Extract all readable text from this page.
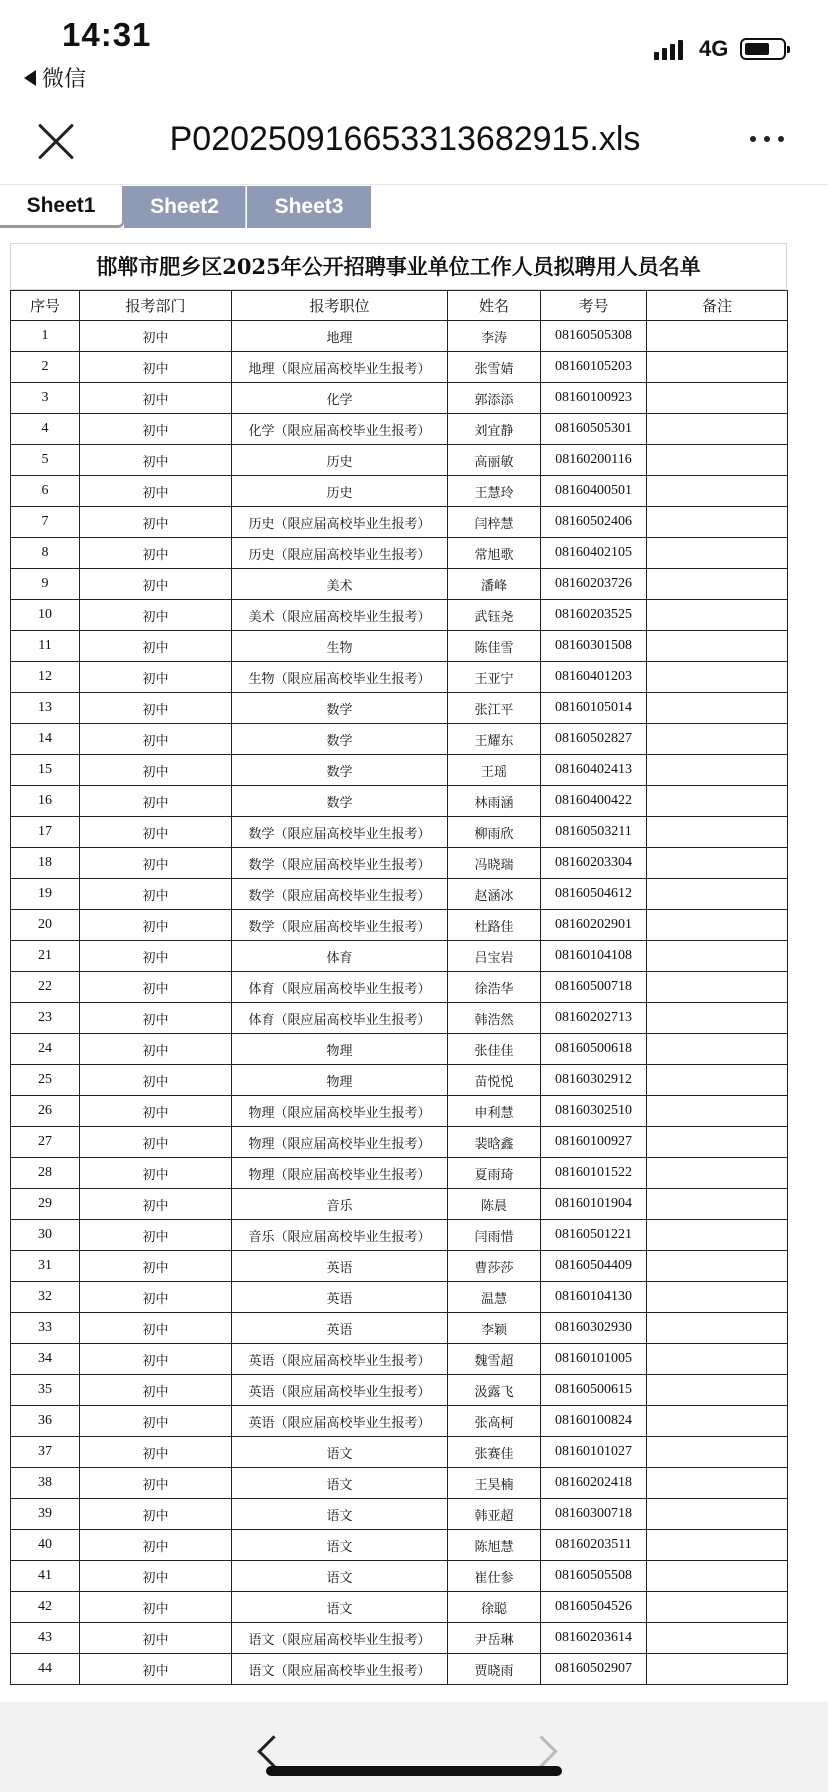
14:31
微信
4G
P020250916653313682915.xls
Sheet1	Sheet2	Sheet3
邯郸市肥乡区2025年公开招聘事业单位工作人员拟聘用人员名单
序号	报考部门	报考职位	姓名	考号	备注
1	初中	地理	李涛	08160505308	
2	初中	地理（限应届高校毕业生报考）	张雪婧	08160105203	
3	初中	化学	郭添添	08160100923	
4	初中	化学（限应届高校毕业生报考）	刘宜静	08160505301	
5	初中	历史	高丽敏	08160200116	
6	初中	历史	王慧玲	08160400501	
7	初中	历史（限应届高校毕业生报考）	闫梓慧	08160502406	
8	初中	历史（限应届高校毕业生报考）	常旭歌	08160402105	
9	初中	美术	潘峰	08160203726	
10	初中	美术（限应届高校毕业生报考）	武钰尧	08160203525	
11	初中	生物	陈佳雪	08160301508	
12	初中	生物（限应届高校毕业生报考）	王亚宁	08160401203	
13	初中	数学	张江平	08160105014	
14	初中	数学	王耀东	08160502827	
15	初中	数学	王瑶	08160402413	
16	初中	数学	林雨涵	08160400422	
17	初中	数学（限应届高校毕业生报考）	柳雨欣	08160503211	
18	初中	数学（限应届高校毕业生报考）	冯晓瑞	08160203304	
19	初中	数学（限应届高校毕业生报考）	赵涵冰	08160504612	
20	初中	数学（限应届高校毕业生报考）	杜路佳	08160202901	
21	初中	体育	吕宝岩	08160104108	
22	初中	体育（限应届高校毕业生报考）	徐浩华	08160500718	
23	初中	体育（限应届高校毕业生报考）	韩浩然	08160202713	
24	初中	物理	张佳佳	08160500618	
25	初中	物理	苗悦悦	08160302912	
26	初中	物理（限应届高校毕业生报考）	申利慧	08160302510	
27	初中	物理（限应届高校毕业生报考）	裴晗鑫	08160100927	
28	初中	物理（限应届高校毕业生报考）	夏雨琦	08160101522	
29	初中	音乐	陈晨	08160101904	
30	初中	音乐（限应届高校毕业生报考）	闫雨惜	08160501221	
31	初中	英语	曹莎莎	08160504409	
32	初中	英语	温慧	08160104130	
33	初中	英语	李颖	08160302930	
34	初中	英语（限应届高校毕业生报考）	魏雪超	08160101005	
35	初中	英语（限应届高校毕业生报考）	汲露飞	08160500615	
36	初中	英语（限应届高校毕业生报考）	张高柯	08160100824	
37	初中	语文	张赛佳	08160101027	
38	初中	语文	王昊楠	08160202418	
39	初中	语文	韩亚超	08160300718	
40	初中	语文	陈旭慧	08160203511	
41	初中	语文	崔仕参	08160505508	
42	初中	语文	徐聪	08160504526	
43	初中	语文（限应届高校毕业生报考）	尹岳琳	08160203614	
44	初中	语文（限应届高校毕业生报考）	贾晓雨	08160502907	
